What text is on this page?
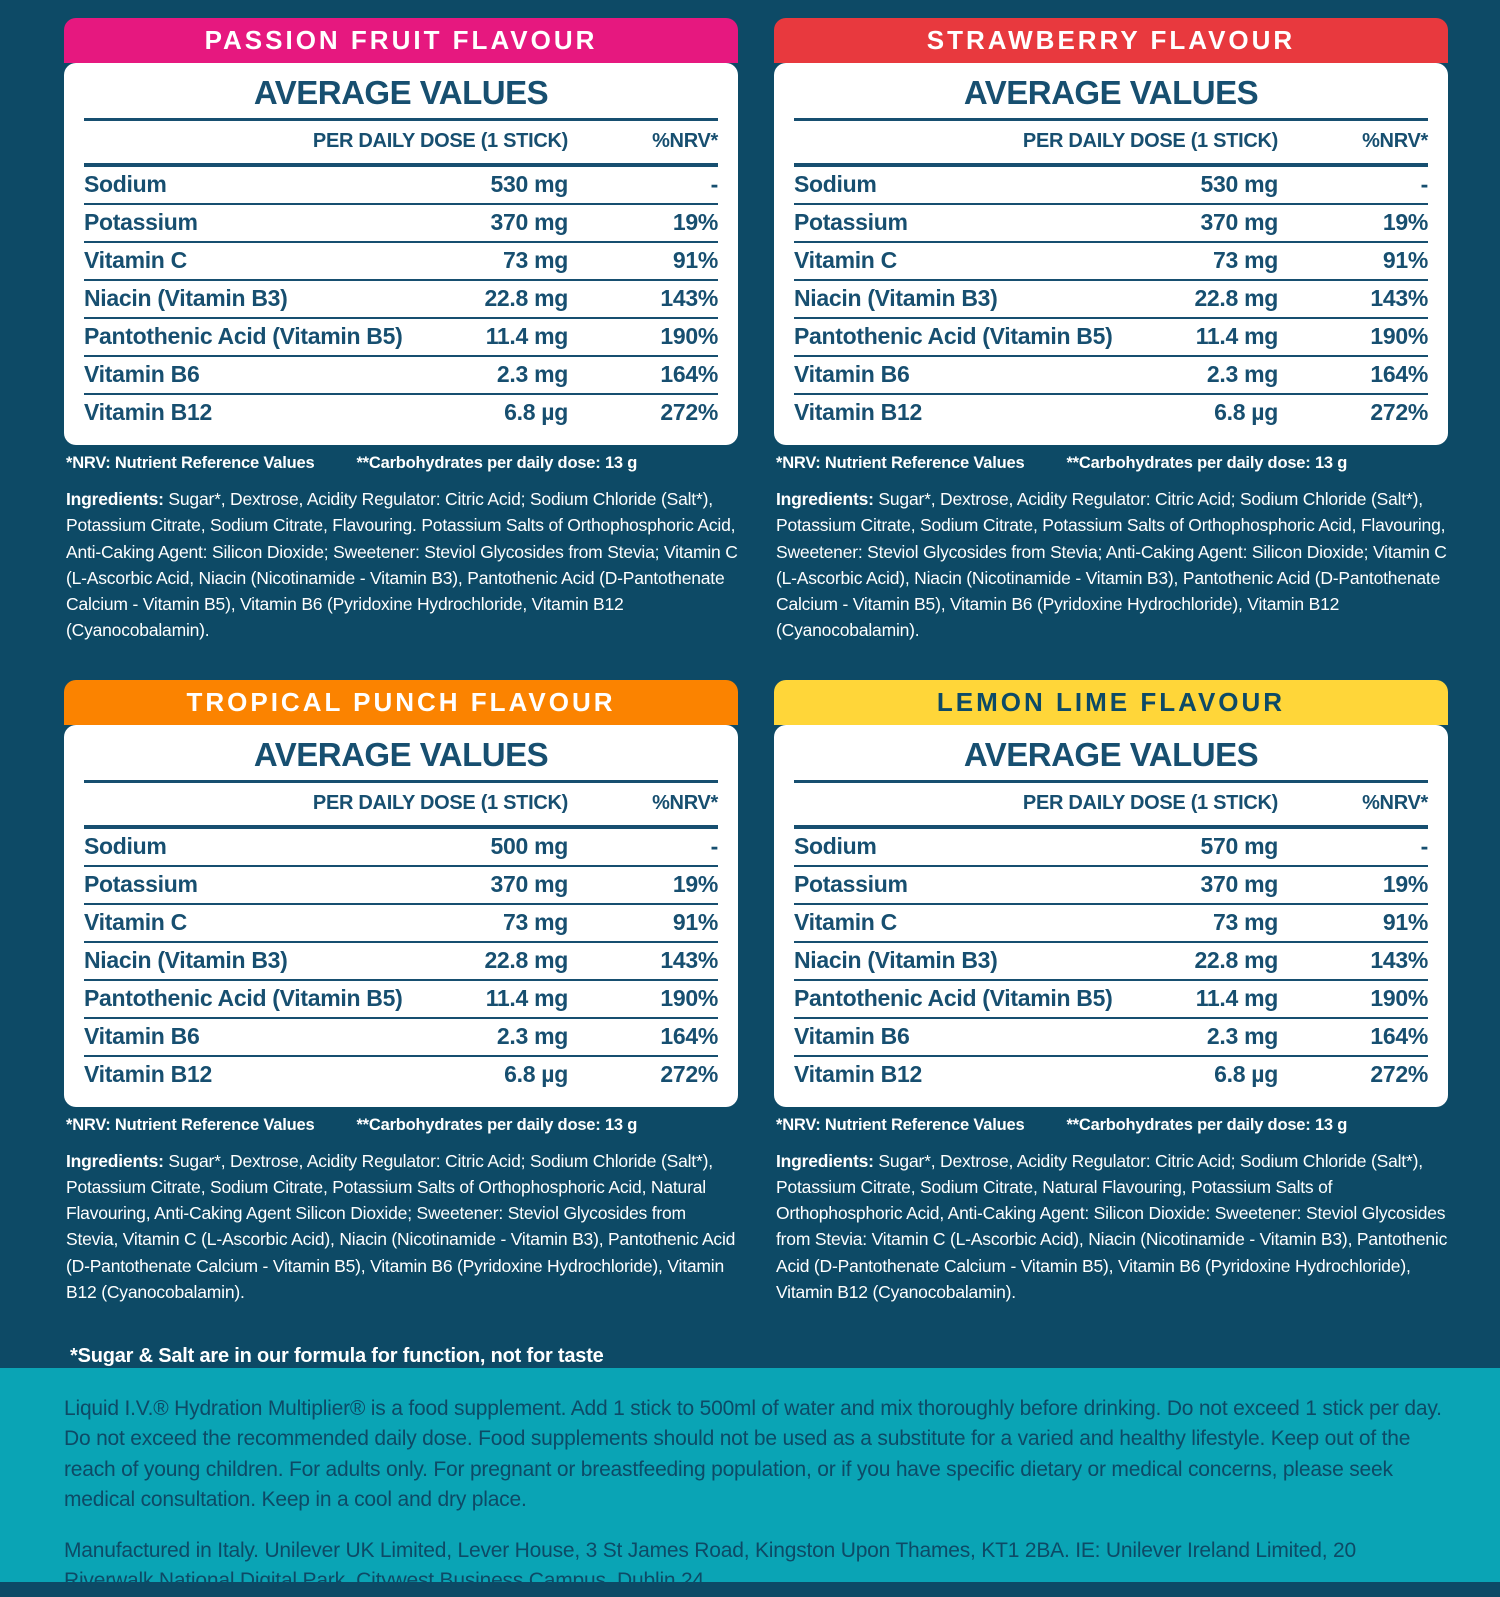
PASSION FRUIT FLAVOUR
AVERAGE VALUES
PER DAILY DOSE (1 STICK)	%NRV*
Sodium	530 mg	-
Potassium	370 mg	19%
Vitamin C	73 mg	91%
Niacin (Vitamin B3)	22.8 mg	143%
Pantothenic Acid (Vitamin B5)	11.4 mg	190%
Vitamin B6	2.3 mg	164%
Vitamin B12	6.8 µg	272%
*NRV: Nutrient Reference Values	**Carbohydrates per daily dose: 13 g
Ingredients: Sugar*, Dextrose, Acidity Regulator: Citric Acid; Sodium Chloride (Salt*), Potassium Citrate, Sodium Citrate, Flavouring. Potassium Salts of Orthophosphoric Acid, Anti-Caking Agent: Silicon Dioxide; Sweetener: Steviol Glycosides from Stevia; Vitamin C (L-Ascorbic Acid, Niacin (Nicotinamide - Vitamin B3), Pantothenic Acid (D-Pantothenate Calcium - Vitamin B5), Vitamin B6 (Pyridoxine Hydrochloride, Vitamin B12 (Cyanocobalamin).
STRAWBERRY FLAVOUR
AVERAGE VALUES
PER DAILY DOSE (1 STICK)	%NRV*
Sodium	530 mg	-
Potassium	370 mg	19%
Vitamin C	73 mg	91%
Niacin (Vitamin B3)	22.8 mg	143%
Pantothenic Acid (Vitamin B5)	11.4 mg	190%
Vitamin B6	2.3 mg	164%
Vitamin B12	6.8 µg	272%
*NRV: Nutrient Reference Values	**Carbohydrates per daily dose: 13 g
Ingredients: Sugar*, Dextrose, Acidity Regulator: Citric Acid; Sodium Chloride (Salt*), Potassium Citrate, Sodium Citrate, Potassium Salts of Orthophosphoric Acid, Flavouring, Sweetener: Steviol Glycosides from Stevia; Anti-Caking Agent: Silicon Dioxide; Vitamin C (L-Ascorbic Acid), Niacin (Nicotinamide - Vitamin B3), Pantothenic Acid (D-Pantothenate Calcium - Vitamin B5), Vitamin B6 (Pyridoxine Hydrochloride), Vitamin B12 (Cyanocobalamin).
TROPICAL PUNCH FLAVOUR
AVERAGE VALUES
PER DAILY DOSE (1 STICK)	%NRV*
Sodium	500 mg	-
Potassium	370 mg	19%
Vitamin C	73 mg	91%
Niacin (Vitamin B3)	22.8 mg	143%
Pantothenic Acid (Vitamin B5)	11.4 mg	190%
Vitamin B6	2.3 mg	164%
Vitamin B12	6.8 µg	272%
*NRV: Nutrient Reference Values	**Carbohydrates per daily dose: 13 g
Ingredients: Sugar*, Dextrose, Acidity Regulator: Citric Acid; Sodium Chloride (Salt*), Potassium Citrate, Sodium Citrate, Potassium Salts of Orthophosphoric Acid, Natural Flavouring, Anti-Caking Agent Silicon Dioxide; Sweetener: Steviol Glycosides from Stevia, Vitamin C (L-Ascorbic Acid), Niacin (Nicotinamide - Vitamin B3), Pantothenic Acid (D-Pantothenate Calcium - Vitamin B5), Vitamin B6 (Pyridoxine Hydrochloride), Vitamin B12 (Cyanocobalamin).
LEMON LIME FLAVOUR
AVERAGE VALUES
PER DAILY DOSE (1 STICK)	%NRV*
Sodium	570 mg	-
Potassium	370 mg	19%
Vitamin C	73 mg	91%
Niacin (Vitamin B3)	22.8 mg	143%
Pantothenic Acid (Vitamin B5)	11.4 mg	190%
Vitamin B6	2.3 mg	164%
Vitamin B12	6.8 µg	272%
*NRV: Nutrient Reference Values	**Carbohydrates per daily dose: 13 g
Ingredients: Sugar*, Dextrose, Acidity Regulator: Citric Acid; Sodium Chloride (Salt*), Potassium Citrate, Sodium Citrate, Natural Flavouring, Potassium Salts of Orthophosphoric Acid, Anti-Caking Agent: Silicon Dioxide: Sweetener: Steviol Glycosides from Stevia: Vitamin C (L-Ascorbic Acid), Niacin (Nicotinamide - Vitamin B3), Pantothenic Acid (D-Pantothenate Calcium - Vitamin B5), Vitamin B6 (Pyridoxine Hydrochloride), Vitamin B12 (Cyanocobalamin).
*Sugar & Salt are in our formula for function, not for taste

Liquid I.V.® Hydration Multiplier® is a food supplement. Add 1 stick to 500ml of water and mix thoroughly before drinking. Do not exceed 1 stick per day. Do not exceed the recommended daily dose. Food supplements should not be used as a substitute for a varied and healthy lifestyle. Keep out of the reach of young children. For adults only. For pregnant or breastfeeding population, or if you have specific dietary or medical concerns, please seek medical consultation. Keep in a cool and dry place.

Manufactured in Italy. Unilever UK Limited, Lever House, 3 St James Road, Kingston Upon Thames, KT1 2BA. IE: Unilever Ireland Limited, 20 Riverwalk National Digital Park, Citywest Business Campus, Dublin 24
